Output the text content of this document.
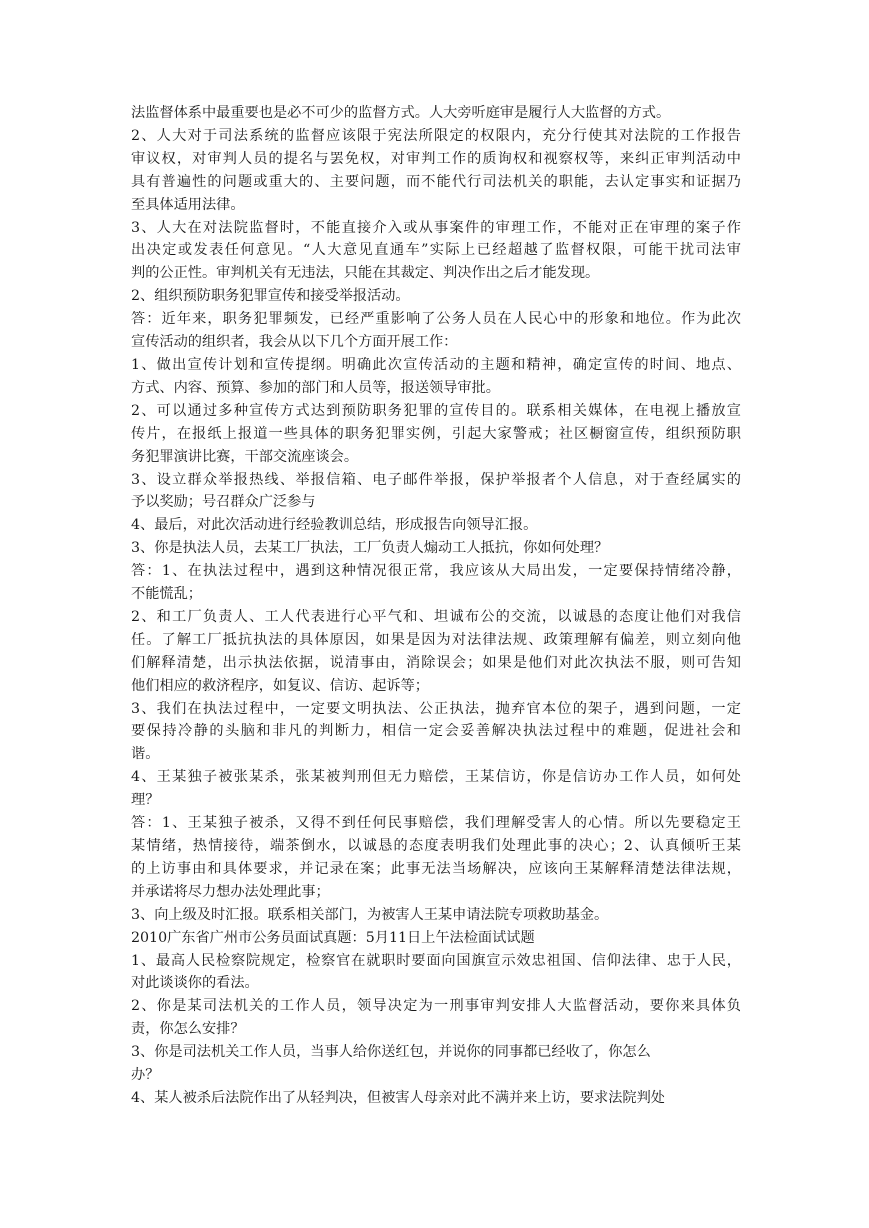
法监督体系中最重要也是必不可少的监督方式。人大旁听庭审是履行人大监督的方式。
2、人大对于司法系统的监督应该限于宪法所限定的权限内，充分行使其对法院的工作报告
审议权，对审判人员的提名与罢免权，对审判工作的质询权和视察权等，来纠正审判活动中
具有普遍性的问题或重大的、主要问题，而不能代行司法机关的职能，去认定事实和证据乃
至具体适用法律。
3、人大在对法院监督时，不能直接介入或从事案件的审理工作，不能对正在审理的案子作
出决定或发表任何意见。“人大意见直通车”实际上已经超越了监督权限，可能干扰司法审
判的公正性。审判机关有无违法，只能在其裁定、判决作出之后才能发现。
2、组织预防职务犯罪宣传和接受举报活动。
答：近年来，职务犯罪频发，已经严重影响了公务人员在人民心中的形象和地位。作为此次
宣传活动的组织者，我会从以下几个方面开展工作：
1、做出宣传计划和宣传提纲。明确此次宣传活动的主题和精神，确定宣传的时间、地点、
方式、内容、预算、参加的部门和人员等，报送领导审批。
2、可以通过多种宣传方式达到预防职务犯罪的宣传目的。联系相关媒体，在电视上播放宣
传片，在报纸上报道一些具体的职务犯罪实例，引起大家警戒；社区橱窗宣传，组织预防职
务犯罪演讲比赛，干部交流座谈会。
3、设立群众举报热线、举报信箱、电子邮件举报，保护举报者个人信息，对于查经属实的
予以奖励；号召群众广泛参与
4、最后，对此次活动进行经验教训总结，形成报告向领导汇报。
3、你是执法人员，去某工厂执法，工厂负责人煽动工人抵抗，你如何处理？
答：1、在执法过程中，遇到这种情况很正常，我应该从大局出发，一定要保持情绪冷静，
不能慌乱；
2、和工厂负责人、工人代表进行心平气和、坦诚布公的交流，以诚恳的态度让他们对我信
任。了解工厂抵抗执法的具体原因，如果是因为对法律法规、政策理解有偏差，则立刻向他
们解释清楚，出示执法依据，说清事由，消除误会；如果是他们对此次执法不服，则可告知
他们相应的救济程序，如复议、信访、起诉等；
3、我们在执法过程中，一定要文明执法、公正执法，抛弃官本位的架子，遇到问题，一定
要保持冷静的头脑和非凡的判断力，相信一定会妥善解决执法过程中的难题，促进社会和
谐。
4、王某独子被张某杀，张某被判刑但无力赔偿，王某信访，你是信访办工作人员，如何处
理？
答：1、王某独子被杀，又得不到任何民事赔偿，我们理解受害人的心情。所以先要稳定王
某情绪，热情接待，端茶倒水，以诚恳的态度表明我们处理此事的决心；2、认真倾听王某
的上访事由和具体要求，并记录在案；此事无法当场解决，应该向王某解释清楚法律法规，
并承诺将尽力想办法处理此事；
3、向上级及时汇报。联系相关部门，为被害人王某申请法院专项救助基金。
2010广东省广州市公务员面试真题：5月11日上午法检面试试题
1、最高人民检察院规定，检察官在就职时要面向国旗宣示效忠祖国、信仰法律、忠于人民，
对此谈谈你的看法。
2、你是某司法机关的工作人员，领导决定为一刑事审判安排人大监督活动，要你来具体负
责，你怎么安排？
3、你是司法机关工作人员，当事人给你送红包，并说你的同事都已经收了，你怎么
办？
4、某人被杀后法院作出了从轻判决，但被害人母亲对此不满并来上访，要求法院判处
